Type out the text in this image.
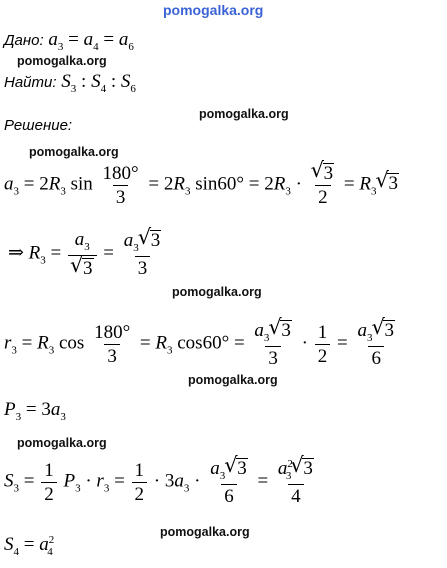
pomogalka.org
pomogalka.org
pomogalka.org
pomogalka.org
pomogalka.org
pomogalka.org
pomogalka.org
pomogalka.org
Дано: $a_3 = a_4 = a_6$
Найти: $S_3$ : $S_4$ : $S_6$
Решение:
$a_3 = 2R_3$ $\sin \frac{180^\circ}{3} = 2R_3$ $\sin 60^\circ = 2R_3$ ·
√ $\frac{3}{2} = R_3√$ 3
⇒ $R_3 = a_3$
√ $3 = \frac{a_3√ 3}{3}$
$r_3 = R_3$ $\cos \frac{180^\circ}{3} = R_3$ $\cos 60^\circ = \frac{a_3√ 3}{3} \cdot \frac{1}{2} = \frac{a_3√ 3}{6}$
$P_3 = 3a_3$
$S_3 = \frac{1}{2} P_3 \cdot r_3 = \frac{1}{2} \cdot 3a_3 \cdot \frac{a_3√ 3}{6} = \frac{a^2_3√ 3}{4}$
$S_4 = a^2_4$
